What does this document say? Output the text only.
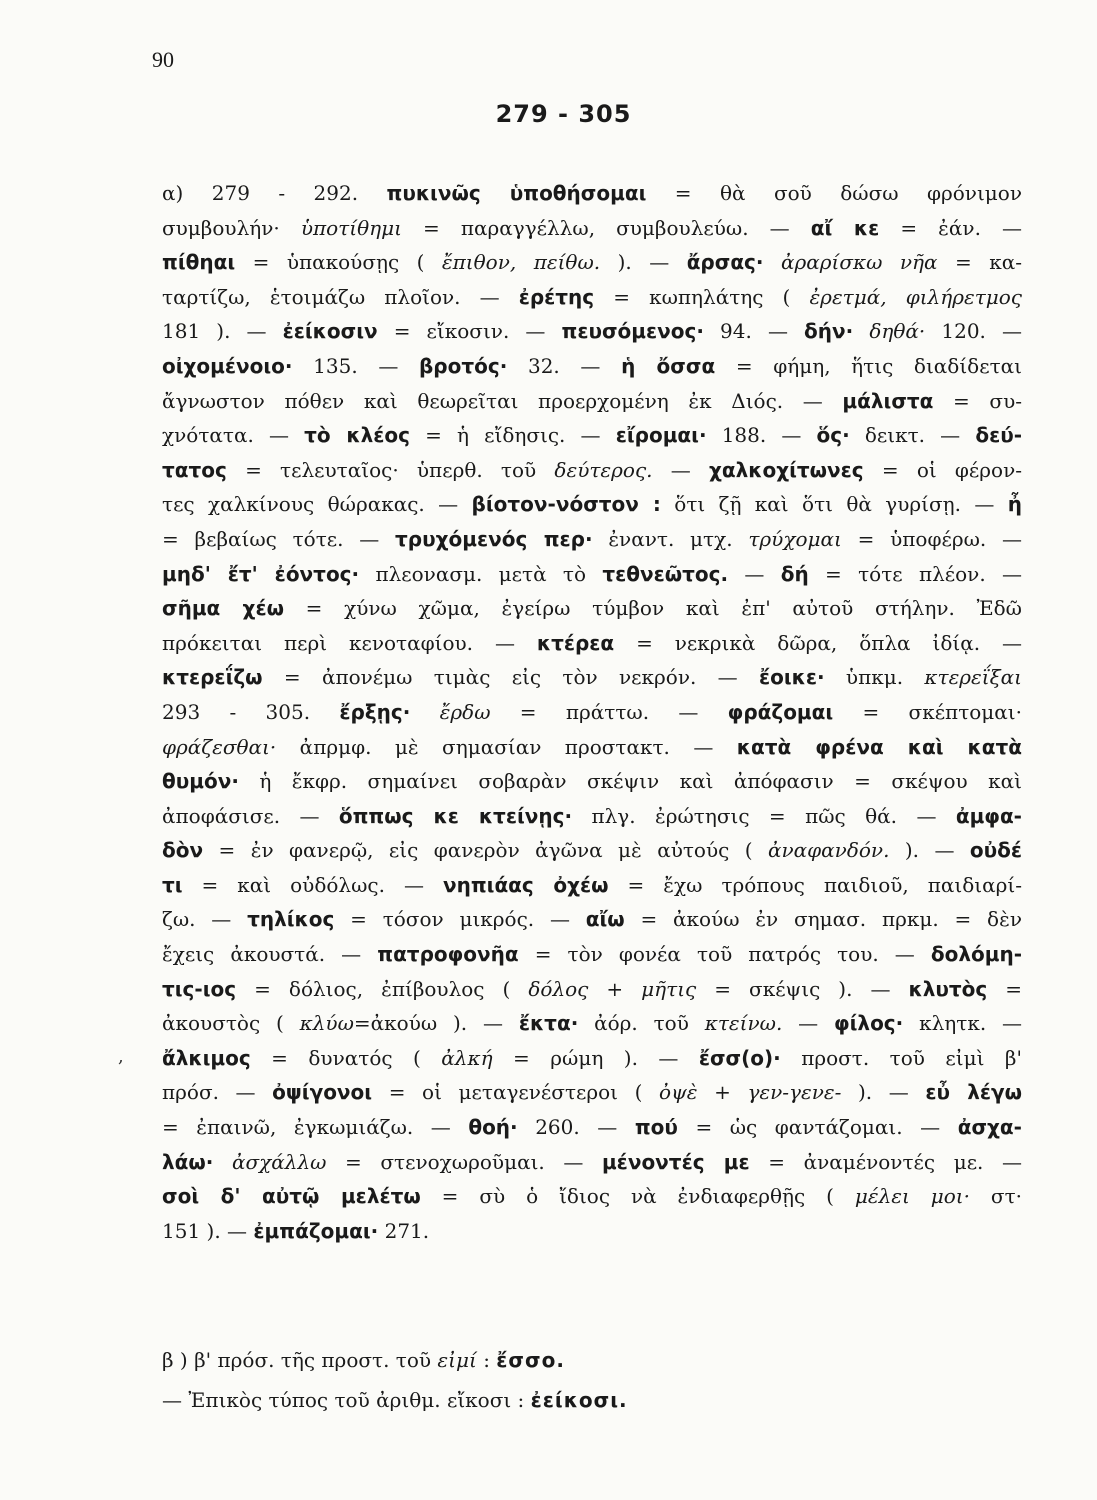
90
279 - 305
,
α) 279 - 292. πυκινῶς ὑποθήσομαι = θὰ σοῦ δώσω φρόνιμον
συμβουλήν· ὑποτίθημι = παραγγέλλω, συμβουλεύω. — αἴ κε = ἐάν. —
πίθηαι = ὑπακούσῃς ( ἔπιθον, πείθω. ). — ἄρσας· ἀραρίσκω νῆα = κα-
ταρτίζω, ἑτοιμάζω πλοῖον. — ἐρέτης = κωπηλάτης ( ἐρετμά, φιλήρετμος
181 ). — ἐείκοσιν = εἴκοσιν. — πευσόμενος· 94. — δήν· δηθά· 120. —
οἰχομένοιο· 135. — βροτός· 32. — ἡ ὄσσα = φήμη, ἥτις διαδίδεται
ἄγνωστον πόθεν καὶ θεωρεῖται προερχομένη ἐκ Διός. — μάλιστα = συ-
χνότατα. — τὸ κλέος = ἡ εἴδησις. — εἴρομαι· 188. — ὅς· δεικτ. — δεύ-
τατος = τελευταῖος· ὑπερθ. τοῦ δεύτερος. — χαλκοχίτωνες = οἱ φέρον-
τες χαλκίνους θώρακας. — βίοτον-νόστον : ὅτι ζῇ καὶ ὅτι θὰ γυρίσῃ. — ἦ
= βεβαίως τότε. — τρυχόμενός περ· ἐναντ. μτχ. τρύχομαι = ὑποφέρω. —
μηδ' ἔτ' ἐόντος· πλεονασμ. μετὰ τὸ τεθνεῶτος. — δή = τότε πλέον. —
σῆμα χέω = χύνω χῶμα, ἐγείρω τύμβον καὶ ἐπ' αὐτοῦ στήλην. Ἐδῶ
πρόκειται περὶ κενοταφίου. — κτέρεα = νεκρικὰ δῶρα, ὅπλα ἰδίᾳ. —
κτερεΐζω = ἀπονέμω τιμὰς εἰς τὸν νεκρόν. — ἔοικε· ὑπκμ. κτερεΐξαι
293 - 305. ἔρξῃς· ἔρδω = πράττω. — φράζομαι = σκέπτομαι·
φράζεσθαι· ἀπρμφ. μὲ σημασίαν προστακτ. — κατὰ φρένα καὶ κατὰ
θυμόν· ἡ ἔκφρ. σημαίνει σοβαρὰν σκέψιν καὶ ἀπόφασιν = σκέψου καὶ
ἀποφάσισε. — ὅππως κε κτείνῃς· πλγ. ἐρώτησις = πῶς θά. — ἀμφα-
δὸν = ἐν φανερῷ, εἰς φανερὸν ἀγῶνα μὲ αὐτούς ( ἀναφανδόν. ). — οὐδέ
τι = καὶ οὐδόλως. — νηπιάας ὀχέω = ἔχω τρόπους παιδιοῦ, παιδιαρί-
ζω. — τηλίκος = τόσον μικρός. — αἴω = ἀκούω ἐν σημασ. πρκμ. = δὲν
ἔχεις ἀκουστά. — πατροφονῆα = τὸν φονέα τοῦ πατρός του. — δολόμη-
τις-ιος = δόλιος, ἐπίβουλος ( δόλος + μῆτις = σκέψις ). — κλυτὸς =
ἀκουστὸς ( κλύω=ἀκούω ). — ἔκτα· ἀόρ. τοῦ κτείνω. — φίλος· κλητκ. —
ἄλκιμος = δυνατός ( ἀλκή = ρώμη ). — ἔσσ(ο)· προστ. τοῦ εἰμὶ β'
πρόσ. — ὀψίγονοι = οἱ μεταγενέστεροι ( ὀψὲ + γεν-γενε- ). — εὖ λέγω
= ἐπαινῶ, ἐγκωμιάζω. — θοή· 260. — πού = ὡς φαντάζομαι. — ἀσχα-
λάω· ἀσχάλλω = στενοχωροῦμαι. — μένοντές με = ἀναμένοντές με. —
σοὶ δ' αὐτῷ μελέτω = σὺ ὁ ἴδιος νὰ ἐνδιαφερθῇς ( μέλει μοι· στ·
151 ). — ἐμπάζομαι· 271.
β ) β' πρόσ. τῆς προστ. τοῦ εἰμί : ἔσσο.
— Ἐπικὸς τύπος τοῦ ἀριθμ. εἴκοσι : ἐείκοσι.
